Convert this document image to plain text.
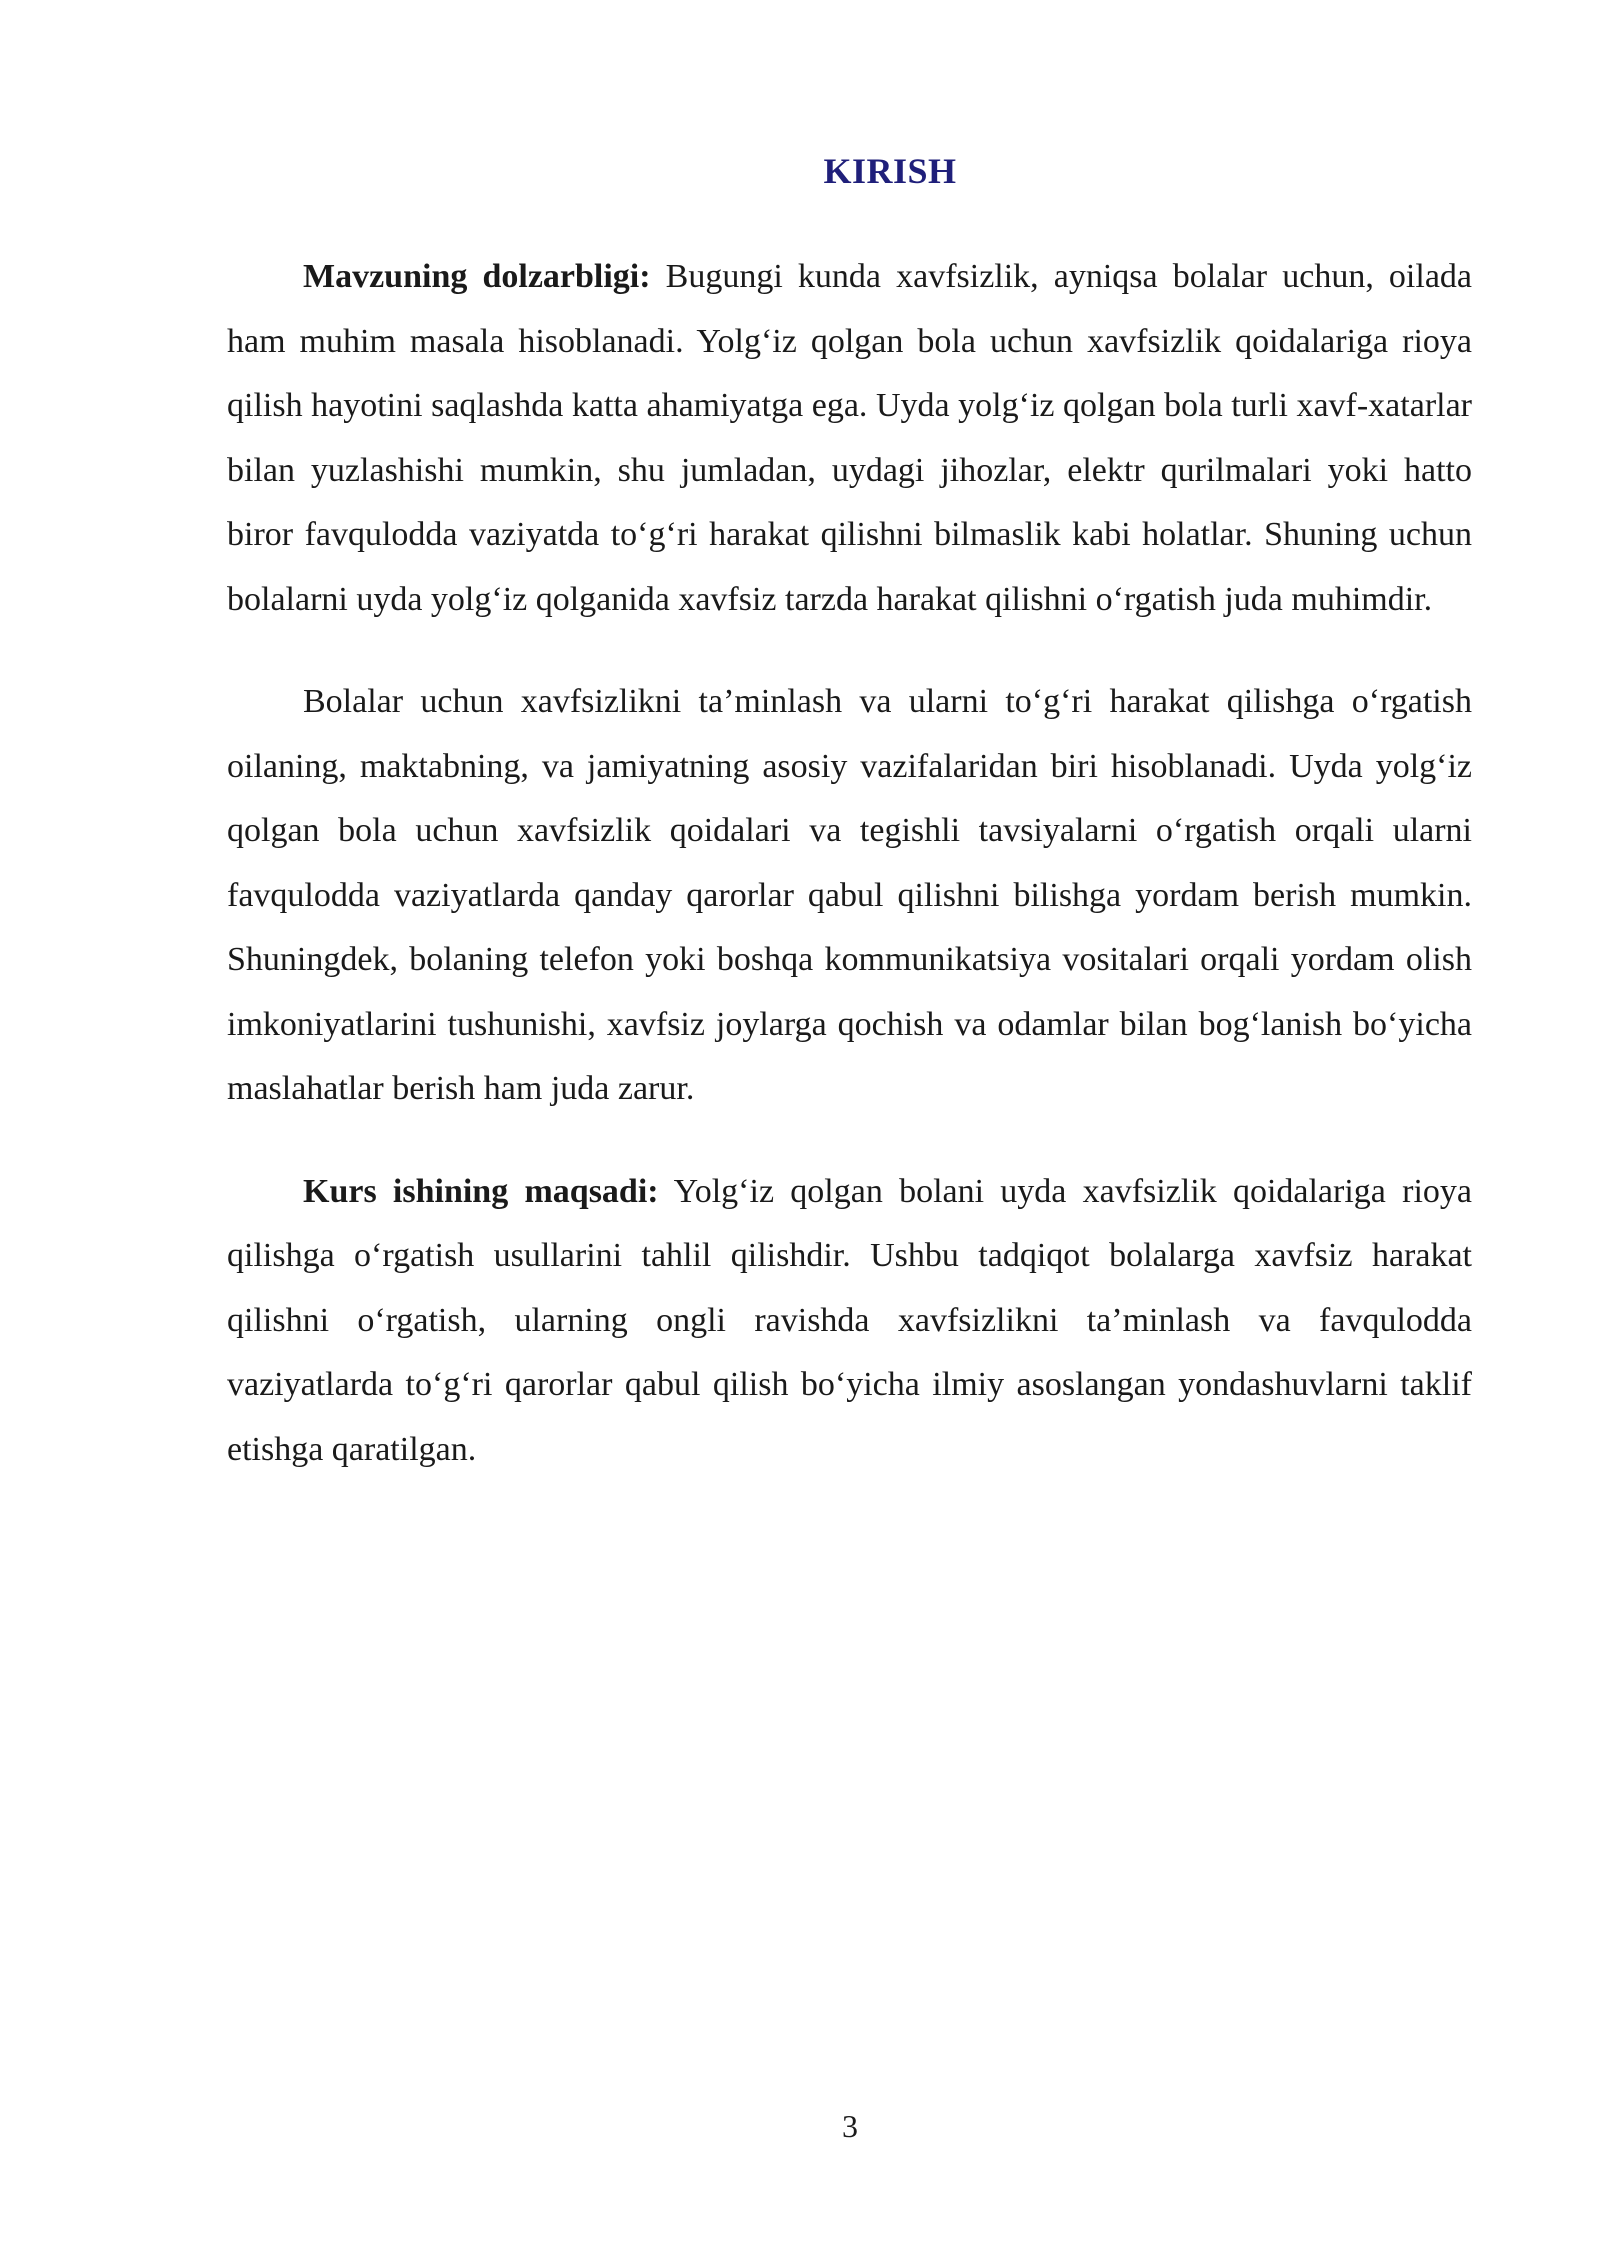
KIRISH

Mavzuning dolzarbligi: Bugungi kunda xavfsizlik, ayniqsa bolalar uchun, oilada ham muhim masala hisoblanadi. Yolg‘iz qolgan bola uchun xavfsizlik qoidalariga rioya qilish hayotini saqlashda katta ahamiyatga ega. Uyda yolg‘iz qolgan bola turli xavf-xatarlar bilan yuzlashishi mumkin, shu jumladan, uydagi jihozlar, elektr qurilmalari yoki hatto biror favqulodda vaziyatda to‘g‘ri harakat qilishni bilmaslik kabi holatlar. Shuning uchun bolalarni uyda yolg‘iz qolganida xavfsiz tarzda harakat qilishni o‘rgatish juda muhimdir.

Bolalar uchun xavfsizlikni ta’minlash va ularni to‘g‘ri harakat qilishga o‘rgatish oilaning, maktabning, va jamiyatning asosiy vazifalaridan biri hisoblanadi. Uyda yolg‘iz qolgan bola uchun xavfsizlik qoidalari va tegishli tavsiyalarni o‘rgatish orqali ularni favqulodda vaziyatlarda qanday qarorlar qabul qilishni bilishga yordam berish mumkin. Shuningdek, bolaning telefon yoki boshqa kommunikatsiya vositalari orqali yordam olish imkoniyatlarini tushunishi, xavfsiz joylarga qochish va odamlar bilan bog‘lanish bo‘yicha maslahatlar berish ham juda zarur.

Kurs ishining maqsadi: Yolg‘iz qolgan bolani uyda xavfsizlik qoidalariga rioya qilishga o‘rgatish usullarini tahlil qilishdir. Ushbu tadqiqot bolalarga xavfsiz harakat qilishni o‘rgatish, ularning ongli ravishda xavfsizlikni ta’minlash va favqulodda vaziyatlarda to‘g‘ri qarorlar qabul qilish bo‘yicha ilmiy asoslangan yondashuvlarni taklif etishga qaratilgan.

3
